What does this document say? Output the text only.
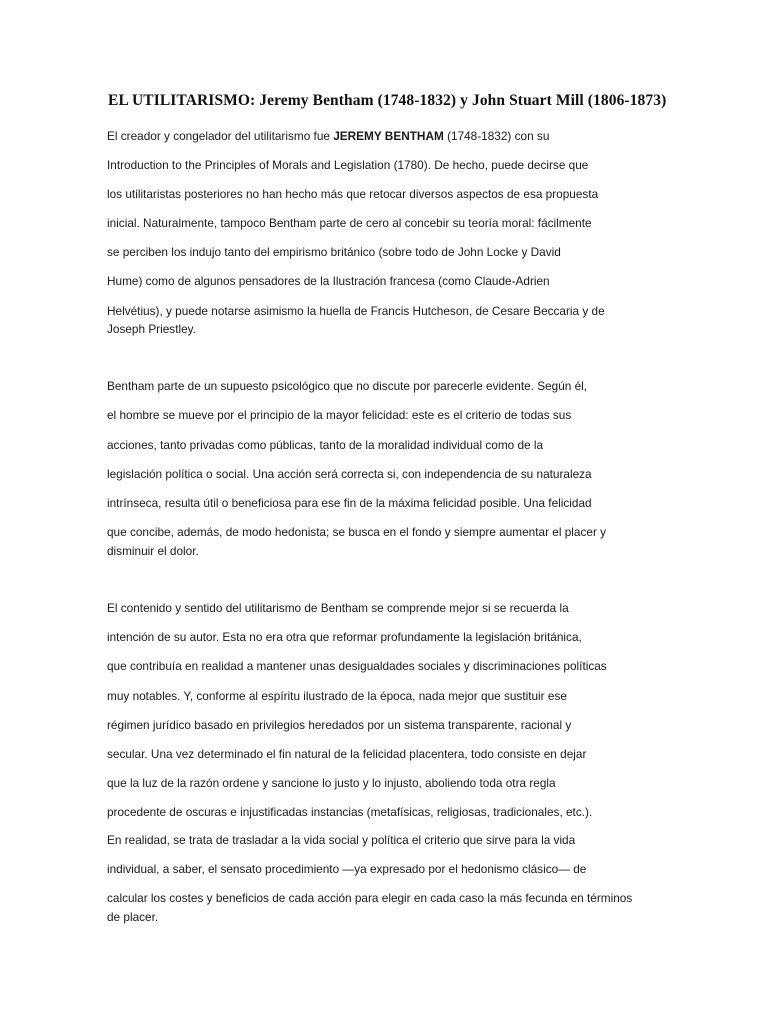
EL UTILITARISMO: Jeremy Bentham (1748-1832) y John Stuart Mill (1806-1873)
El creador y congelador del utilitarismo fue JEREMY BENTHAM (1748-1832) con su
Introduction to the Principles of Morals and Legislation (1780). De hecho, puede decirse que
los utilitaristas posteriores no han hecho más que retocar diversos aspectos de esa propuesta
inicial. Naturalmente, tampoco Bentham parte de cero al concebir su teoría moral: fácilmente
se perciben los indujo tanto del empirismo británico (sobre todo de John Locke y David
Hume) como de algunos pensadores de la Ilustración francesa (como Claude-Adrien
Helvétius), y puede notarse asimismo la huella de Francis Hutcheson, de Cesare Beccaria y de
Joseph Priestley.
Bentham parte de un supuesto psicológico que no discute por parecerle evidente. Según él,
el hombre se mueve por el principio de la mayor felicidad: este es el criterio de todas sus
acciones, tanto privadas como públicas, tanto de la moralidad individual como de la
legislación política o social. Una acción será correcta si, con independencia de su naturaleza
intrínseca, resulta útil o beneficiosa para ese fin de la máxima felicidad posible. Una felicidad
que concibe, además, de modo hedonista; se busca en el fondo y siempre aumentar el placer y
disminuir el dolor.
El contenido y sentido del utilitarismo de Bentham se comprende mejor si se recuerda la
intención de su autor. Esta no era otra que reformar profundamente la legislación británica,
que contribuía en realidad a mantener unas desigualdades sociales y discriminaciones políticas
muy notables. Y, conforme al espíritu ilustrado de la época, nada mejor que sustituir ese
régimen jurídico basado en privilegios heredados por un sistema transparente, racional y
secular. Una vez determinado el fin natural de la felicidad placentera, todo consiste en dejar
que la luz de la razón ordene y sancione lo justo y lo injusto, aboliendo toda otra regla
procedente de oscuras e injustificadas instancias (metafísicas, religiosas, tradicionales, etc.).
En realidad, se trata de trasladar a la vida social y política el criterio que sirve para la vida
individual, a saber, el sensato procedimiento —ya expresado por el hedonismo clásico— de
calcular los costes y beneficios de cada acción para elegir en cada caso la más fecunda en términos
de placer.
